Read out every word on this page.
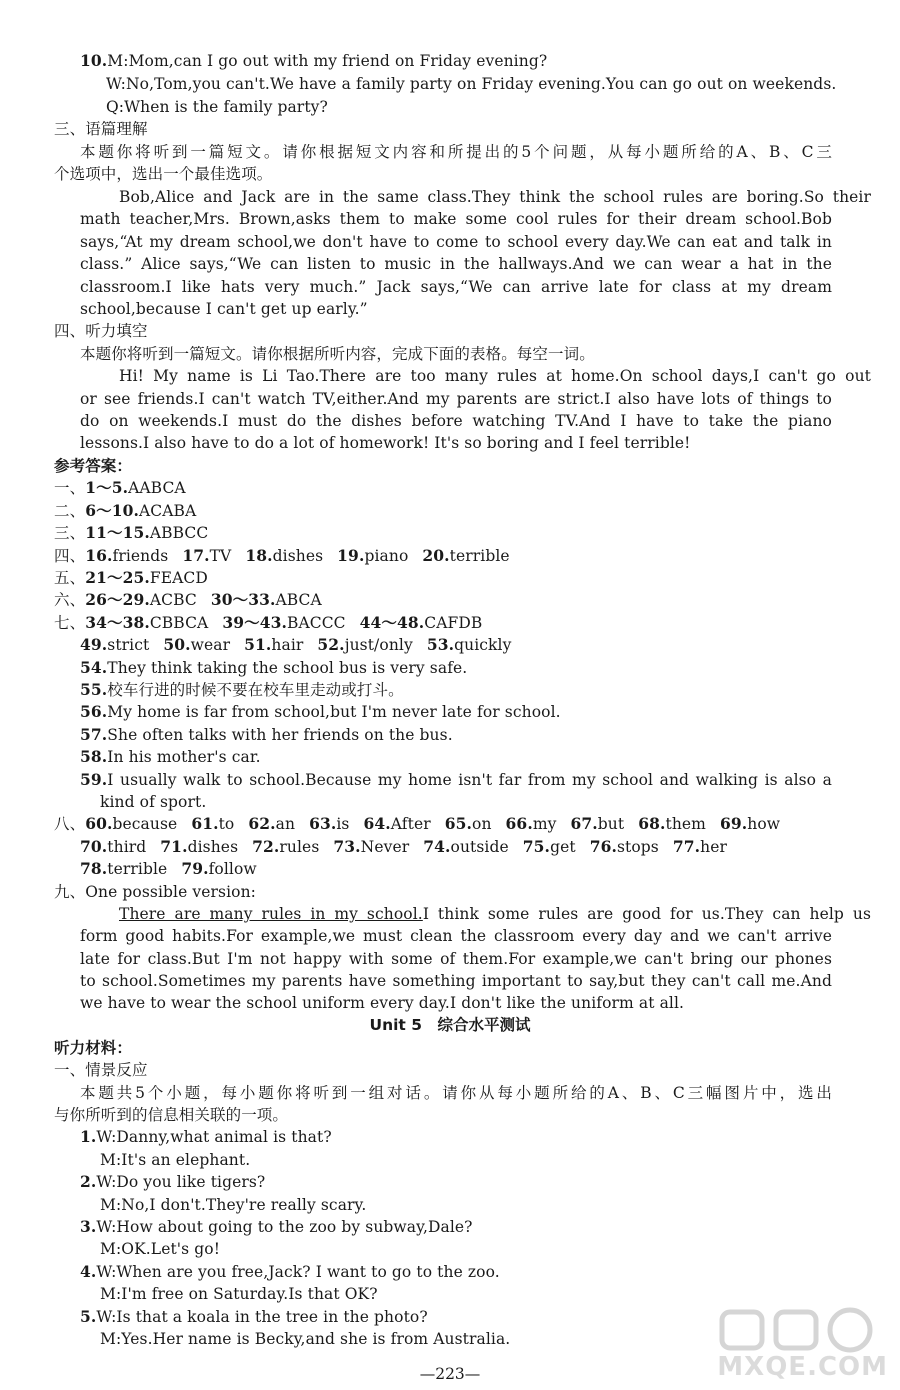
Unit 5　综合水平测试
—223—	MXQE.COM
10.M:Mom,can I go out with my friend on Friday evening?
W:No,Tom,you can't.We have a family party on Friday evening.You can go out on weekends.
Q:When is the family party?
三、语篇理解
本题你将听到一篇短文。请你根据短文内容和所提出的5个问题，从每小题所给的A、B、C三
个选项中，选出一个最佳选项。
Bob,Alice and Jack are in the same class.They think the school rules are boring.So their
math teacher,Mrs. Brown,asks them to make some cool rules for their dream school.Bob
says,“At my dream school,we don't have to come to school every day.We can eat and talk in
class.” Alice says,“We can listen to music in the hallways.And we can wear a hat in the
classroom.I like hats very much.” Jack says,“We can arrive late for class at my dream
school,because I can't get up early.”
四、听力填空
本题你将听到一篇短文。请你根据所听内容，完成下面的表格。每空一词。
Hi! My name is Li Tao.There are too many rules at home.On school days,I can't go out
or see friends.I can't watch TV,either.And my parents are strict.I also have lots of things to
do on weekends.I must do the dishes before watching TV.And I have to take the piano
lessons.I also have to do a lot of homework! It's so boring and I feel terrible!
参考答案：
一、1～5.AABCA
二、6～10.ACABA
三、11～15.ABBCC
四、16.friends 17.TV 18.dishes 19.piano 20.terrible
五、21～25.FEACD
六、26～29.ACBC 30～33.ABCA
七、34～38.CBBCA 39～43.BACCC 44～48.CAFDB
49.strict 50.wear 51.hair 52.just/only 53.quickly
54.They think taking the school bus is very safe.
55.校车行进的时候不要在校车里走动或打斗。
56.My home is far from school,but I'm never late for school.
57.She often talks with her friends on the bus.
58.In his mother's car.
59.I usually walk to school.Because my home isn't far from my school and walking is also a
kind of sport.
八、60.because 61.to 62.an 63.is 64.After 65.on 66.my 67.but 68.them 69.how
70.third 71.dishes 72.rules 73.Never 74.outside 75.get 76.stops 77.her
78.terrible 79.follow
九、One possible version:
There are many rules in my school.I think some rules are good for us.They can help us
form good habits.For example,we must clean the classroom every day and we can't arrive
late for class.But I'm not happy with some of them.For example,we can't bring our phones
to school.Sometimes my parents have something important to say,but they can't call me.And
we have to wear the school uniform every day.I don't like the uniform at all.
听力材料：
一、情景反应
本题共5个小题，每小题你将听到一组对话。请你从每小题所给的A、B、C三幅图片中，选出
与你所听到的信息相关联的一项。
1.W:Danny,what animal is that?
M:It's an elephant.
2.W:Do you like tigers?
M:No,I don't.They're really scary.
3.W:How about going to the zoo by subway,Dale?
M:OK.Let's go!
4.W:When are you free,Jack? I want to go to the zoo.
M:I'm free on Saturday.Is that OK?
5.W:Is that a koala in the tree in the photo?
M:Yes.Her name is Becky,and she is from Australia.
